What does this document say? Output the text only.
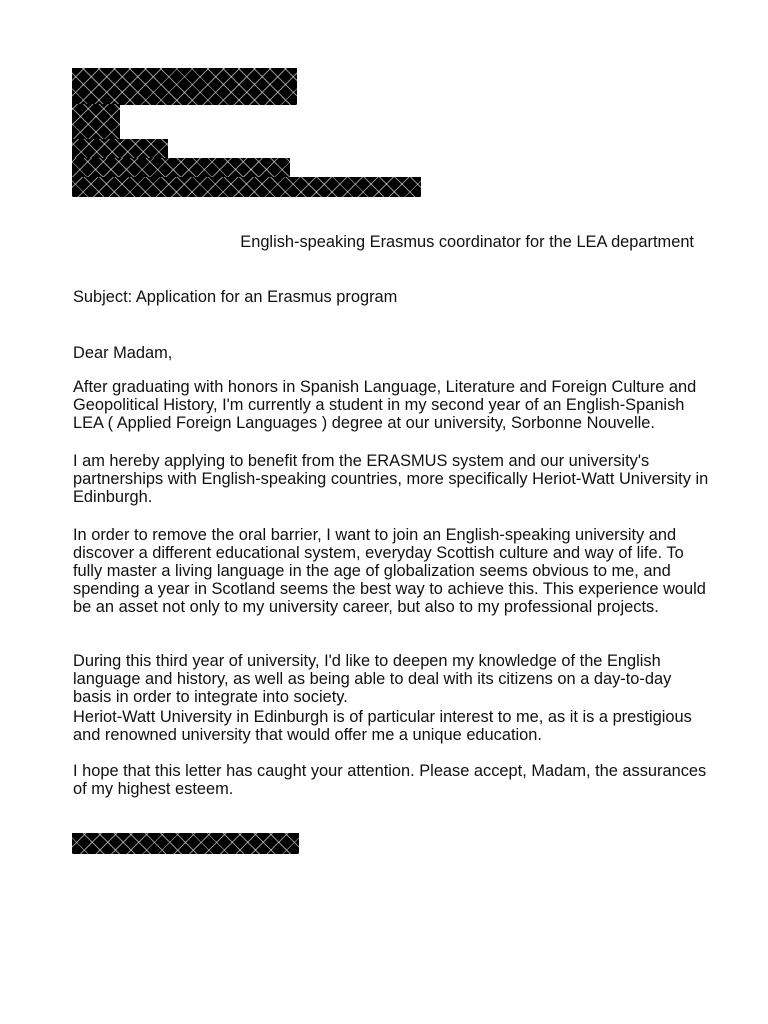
English-speaking Erasmus coordinator for the LEA department
Subject: Application for an Erasmus program
Dear Madam,
After graduating with honors in Spanish Language, Literature and Foreign Culture and Geopolitical History, I'm currently a student in my second year of an English-Spanish LEA ( Applied Foreign Languages ) degree at our university, Sorbonne Nouvelle.
I am hereby applying to benefit from the ERASMUS system and our university's partnerships with English-speaking countries, more specifically Heriot-Watt University in Edinburgh.
In order to remove the oral barrier, I want to join an English-speaking university and discover a different educational system, everyday Scottish culture and way of life. To fully master a living language in the age of globalization seems obvious to me, and spending a year in Scotland seems the best way to achieve this. This experience would be an asset not only to my university career, but also to my professional projects.
During this third year of university, I'd like to deepen my knowledge of the English language and history, as well as being able to deal with its citizens on a day-to-day basis in order to integrate into society.
Heriot-Watt University in Edinburgh is of particular interest to me, as it is a prestigious and renowned university that would offer me a unique education.
I hope that this letter has caught your attention. Please accept, Madam, the assurances of my highest esteem.
